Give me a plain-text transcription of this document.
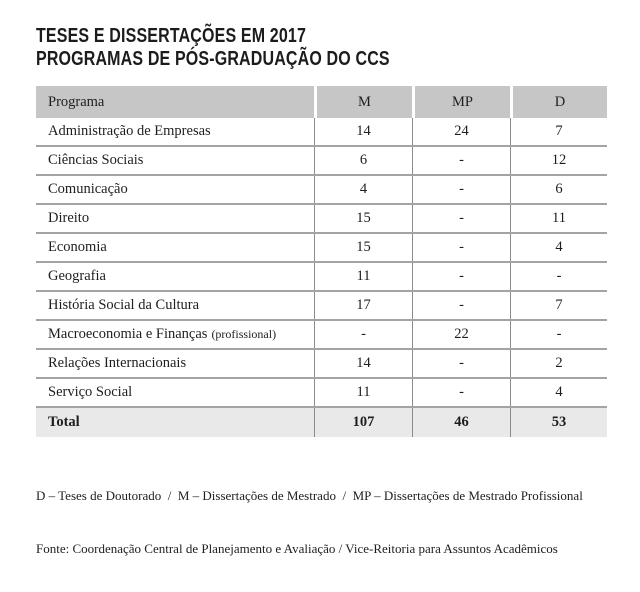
TESES E DISSERTAÇÕES EM 2017
PROGRAMAS DE PÓS-GRADUAÇÃO DO CCS
Programa	M	MP	D
Administração de Empresas	14	24	7
Ciências Sociais	6	-	12
Comunicação	4	-	6
Direito	15	-	11
Economia	15	-	4
Geografia	11	-	-
História Social da Cultura	17	-	7
Macroeconomia e Finanças (profissional)	-	22	-
Relações Internacionais	14	-	2
Serviço Social	11	-	4
Total	107	46	53

D – Teses de Doutorado  /  M – Dissertações de Mestrado  /  MP – Dissertações de Mestrado Profissional

Fonte: Coordenação Central de Planejamento e Avaliação / Vice-Reitoria para Assuntos Acadêmicos
